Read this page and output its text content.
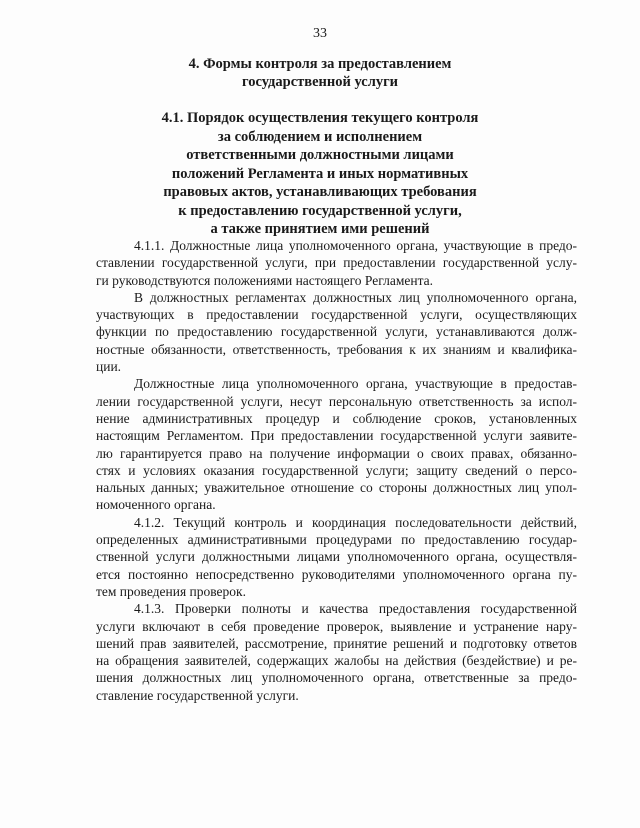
33
4. Формы контроля за предоставлением
государственной услуги
4.1. Порядок осуществления текущего контроля
за соблюдением и исполнением
ответственными должностными лицами
положений Регламента и иных нормативных
правовых актов, устанавливающих требования
к предоставлению государственной услуги,
а также принятием ими решений

4.1.1. Должностные лица уполномоченного органа, участвующие в предо-
ставлении государственной услуги, при предоставлении государственной услу-
ги руководствуются положениями настоящего Регламента.

В должностных регламентах должностных лиц уполномоченного органа,
участвующих в предоставлении государственной услуги, осуществляющих
функции по предоставлению государственной услуги, устанавливаются долж-
ностные обязанности, ответственность, требования к их знаниям и квалифика-
ции.

Должностные лица уполномоченного органа, участвующие в предостав-
лении государственной услуги, несут персональную ответственность за испол-
нение административных процедур и соблюдение сроков, установленных
настоящим Регламентом. При предоставлении государственной услуги заявите-
лю гарантируется право на получение информации о своих правах, обязанно-
стях и условиях оказания государственной услуги; защиту сведений о персо-
нальных данных; уважительное отношение со стороны должностных лиц упол-
номоченного органа.

4.1.2. Текущий контроль и координация последовательности действий,
определенных административными процедурами по предоставлению государ-
ственной услуги должностными лицами уполномоченного органа, осуществля-
ется постоянно непосредственно руководителями уполномоченного органа пу-
тем проведения проверок.

4.1.3. Проверки полноты и качества предоставления государственной
услуги включают в себя проведение проверок, выявление и устранение нару-
шений прав заявителей, рассмотрение, принятие решений и подготовку ответов
на обращения заявителей, содержащих жалобы на действия (бездействие) и ре-
шения должностных лиц уполномоченного органа, ответственные за предо-
ставление государственной услуги.
